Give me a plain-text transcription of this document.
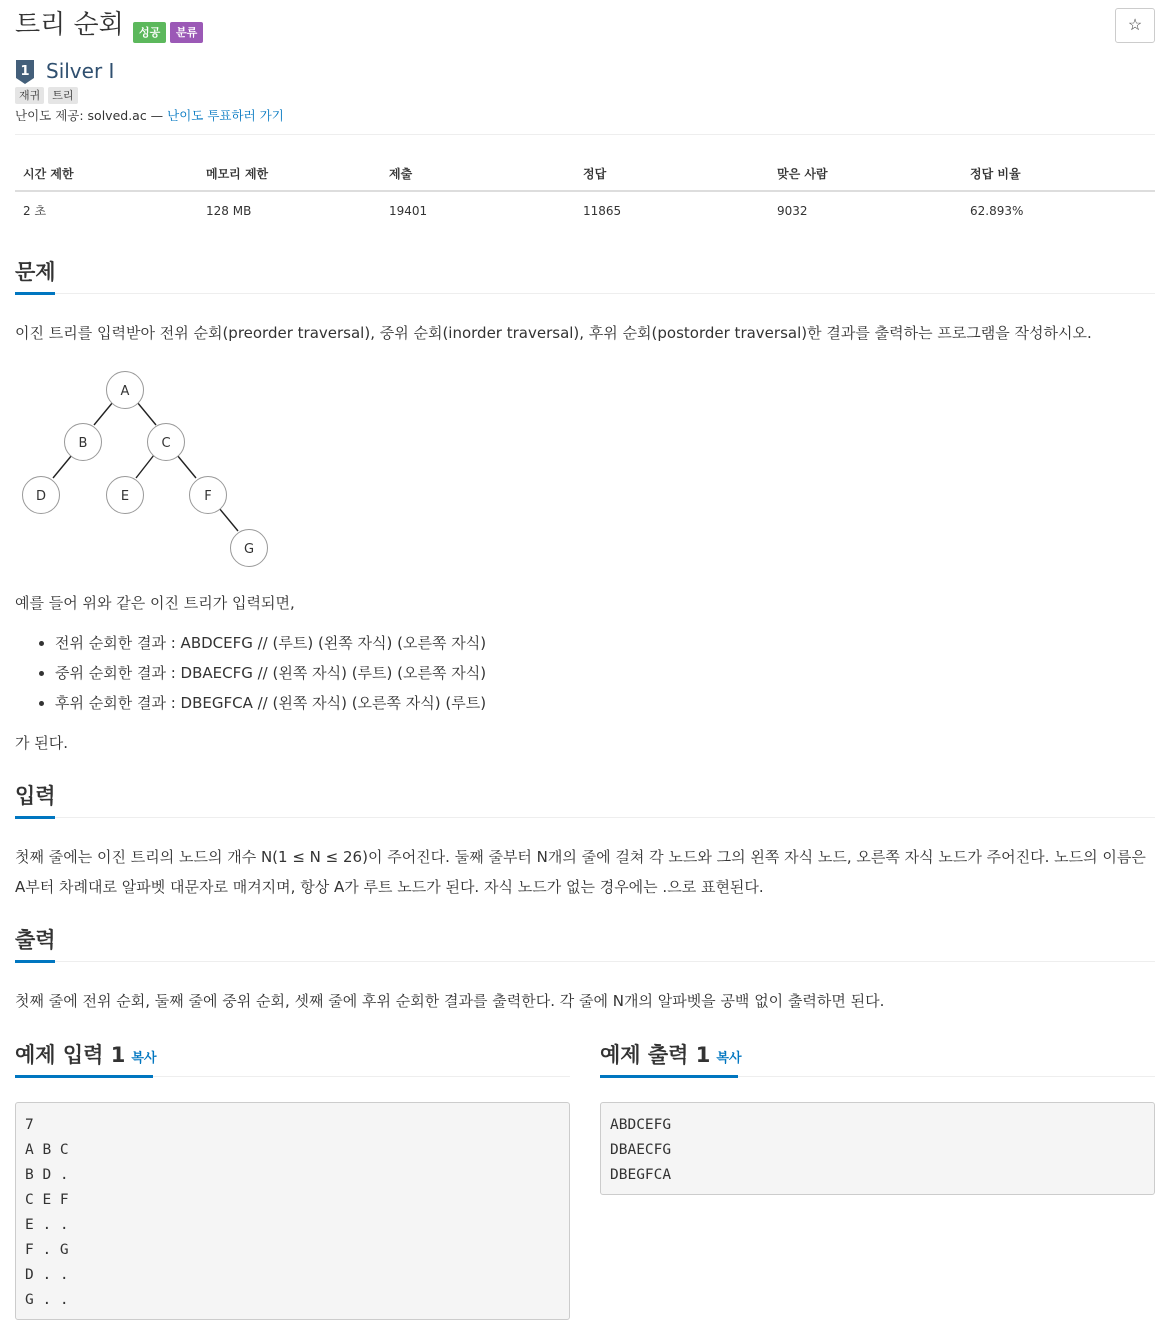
트리 순회	성공	분류	☆
1 Silver I
재귀	트리
난이도 제공: solved.ac — 난이도 투표하러 가기
시간 제한	메모리 제한	제출	정답	맞은 사람	정답 비율
2 초	128 MB	19401	11865	9032	62.893%
문제

이진 트리를 입력받아 전위 순회(preorder traversal), 중위 순회(inorder traversal), 후위 순회(postorder traversal)한 결과를 출력하는 프로그램을 작성하시오.

A
B	C
D	E	F
G

예를 들어 위와 같은 이진 트리가 입력되면,

• 전위 순회한 결과 : ABDCEFG // (루트) (왼쪽 자식) (오른쪽 자식)
• 중위 순회한 결과 : DBAECFG // (왼쪽 자식) (루트) (오른쪽 자식)
• 후위 순회한 결과 : DBEGFCA // (왼쪽 자식) (오른쪽 자식) (루트)

가 된다.

입력

첫째 줄에는 이진 트리의 노드의 개수 N(1 ≤ N ≤ 26)이 주어진다. 둘째 줄부터 N개의 줄에 걸쳐 각 노드와 그의 왼쪽 자식 노드, 오른쪽 자식 노드가 주어진다. 노드의 이름은 A부터 차례대로 알파벳 대문자로 매겨지며, 항상 A가 루트 노드가 된다. 자식 노드가 없는 경우에는 .으로 표현된다.

출력

첫째 줄에 전위 순회, 둘째 줄에 중위 순회, 셋째 줄에 후위 순회한 결과를 출력한다. 각 줄에 N개의 알파벳을 공백 없이 출력하면 된다.

예제 입력 1 복사
7
A B C
B D .
C E F
E . .
F . G
D . .
G . .
예제 출력 1 복사
ABDCEFG
DBAECFG
DBEGFCA
